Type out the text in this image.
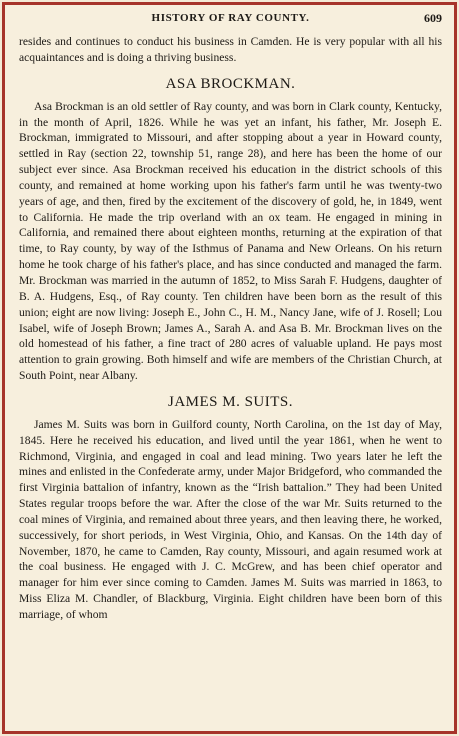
HISTORY OF RAY COUNTY.	609

resides and continues to conduct his business in Camden. He is very popular with all his acquaintances and is doing a thriving business.

ASA BROCKMAN.

Asa Brockman is an old settler of Ray county, and was born in Clark county, Kentucky, in the month of April, 1826. While he was yet an infant, his father, Mr. Joseph E. Brockman, immigrated to Missouri, and after stopping about a year in Howard county, settled in Ray (section 22, township 51, range 28), and here has been the home of our subject ever since. Asa Brockman received his education in the district schools of this county, and remained at home working upon his father's farm until he was twenty-two years of age, and then, fired by the excitement of the discovery of gold, he, in 1849, went to California. He made the trip overland with an ox team. He engaged in mining in California, and remained there about eighteen months, returning at the expiration of that time, to Ray county, by way of the Isthmus of Panama and New Orleans. On his return home he took charge of his father's place, and has since conducted and managed the farm. Mr. Brockman was married in the autumn of 1852, to Miss Sarah F. Hudgens, daughter of B. A. Hudgens, Esq., of Ray county. Ten children have been born as the result of this union; eight are now living: Joseph E., John C., H. M., Nancy Jane, wife of J. Rosell; Lou Isabel, wife of Joseph Brown; James A., Sarah A. and Asa B. Mr. Brockman lives on the old homestead of his father, a fine tract of 280 acres of valuable upland. He pays most attention to grain growing. Both himself and wife are members of the Christian Church, at South Point, near Albany.

JAMES M. SUITS.

James M. Suits was born in Guilford county, North Carolina, on the 1st day of May, 1845. Here he received his education, and lived until the year 1861, when he went to Richmond, Virginia, and engaged in coal and lead mining. Two years later he left the mines and enlisted in the Confederate army, under Major Bridgeford, who commanded the first Virginia battalion of infantry, known as the “Irish battalion.” They had been United States regular troops before the war. After the close of the war Mr. Suits returned to the coal mines of Virginia, and remained about three years, and then leaving there, he worked, successively, for short periods, in West Virginia, Ohio, and Kansas. On the 14th day of November, 1870, he came to Camden, Ray county, Missouri, and again resumed work at the coal business. He engaged with J. C. McGrew, and has been chief operator and manager for him ever since coming to Camden. James M. Suits was married in 1863, to Miss Eliza M. Chandler, of Blackburg, Virginia. Eight children have been born of this marriage, of whom
